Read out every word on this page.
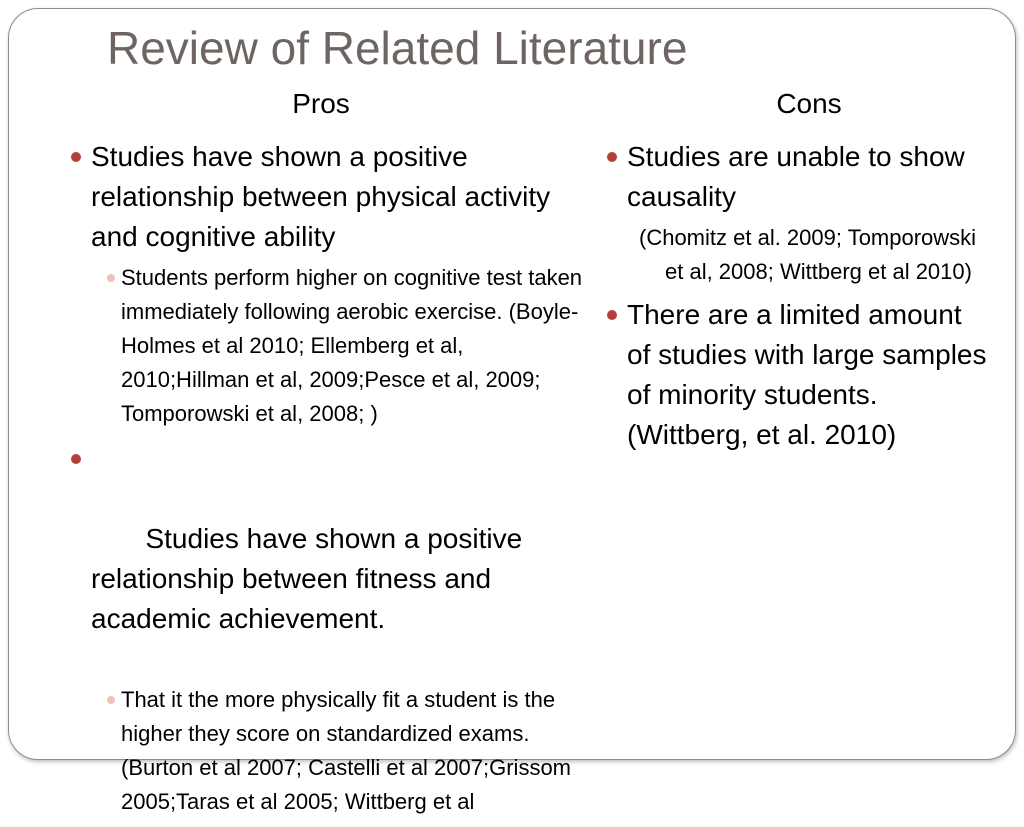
Review of Related Literature
Pros	Cons
Studies have shown a positive relationship between physical activity and cognitive ability
Students perform higher on cognitive test taken immediately following aerobic exercise. (Boyle-Holmes et al 2010; Ellemberg et al, 2010;Hillman et al, 2009;Pesce et al, 2009; Tomporowski et al, 2008; )

Studies have shown a positive relationship between fitness and academic achievement.

That it the more physically fit a student is the higher they score on standardized exams.(Burton et al 2007; Castelli et al 2007;Grissom 2005;Taras et al 2005; Wittberg et al
Studies are unable to show causality
(Chomitz et al. 2009; Tomporowski et al, 2008; Wittberg et al 2010)
There are a limited amount of studies with large samples of minority students.(Wittberg, et al. 2010)
